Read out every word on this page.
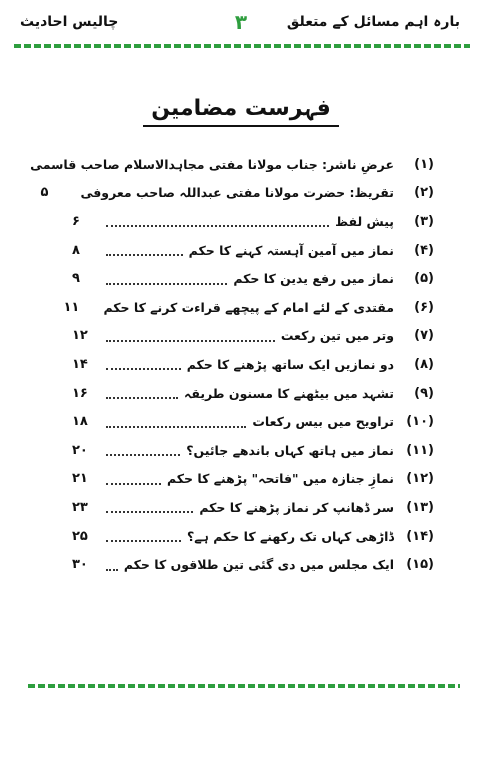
بارہ اہم مسائل کے متعلق
۳
چالیس احادیث
فہرست مضامین
(۱)
عرضِ ناشر: جناب مولانا مفتی مجاہدالاسلام صاحب قاسمی
(۲)
تقریظ: حضرت مولانا مفتی عبداللہ صاحب معروفی
۵
(۳)
پیش لفظ
۶
(۴)
نماز میں آمین آہستہ کہنے کا حکم
۸
(۵)
نماز میں رفع یدین کا حکم
۹
(۶)
مقتدی کے لئے امام کے پیچھے قراءت کرنے کا حکم
۱۱
(۷)
وتر میں تین رکعت
۱۲
(۸)
دو نمازیں ایک ساتھ پڑھنے کا حکم
۱۴
(۹)
تشہد میں بیٹھنے کا مسنون طریقہ
۱۶
(۱۰)
تراویح میں بیس رکعات
۱۸
(۱۱)
نماز میں ہاتھ کہاں باندھے جائیں؟
۲۰
(۱۲)
نمازِ جنازہ میں "فاتحہ" پڑھنے کا حکم
۲۱
(۱۳)
سر ڈھانپ کر نماز پڑھنے کا حکم
۲۳
(۱۴)
ڈاڑھی کہاں تک رکھنے کا حکم ہے؟
۲۵
(۱۵)
ایک مجلس میں دی گئی تین طلاقوں کا حکم
۳۰
